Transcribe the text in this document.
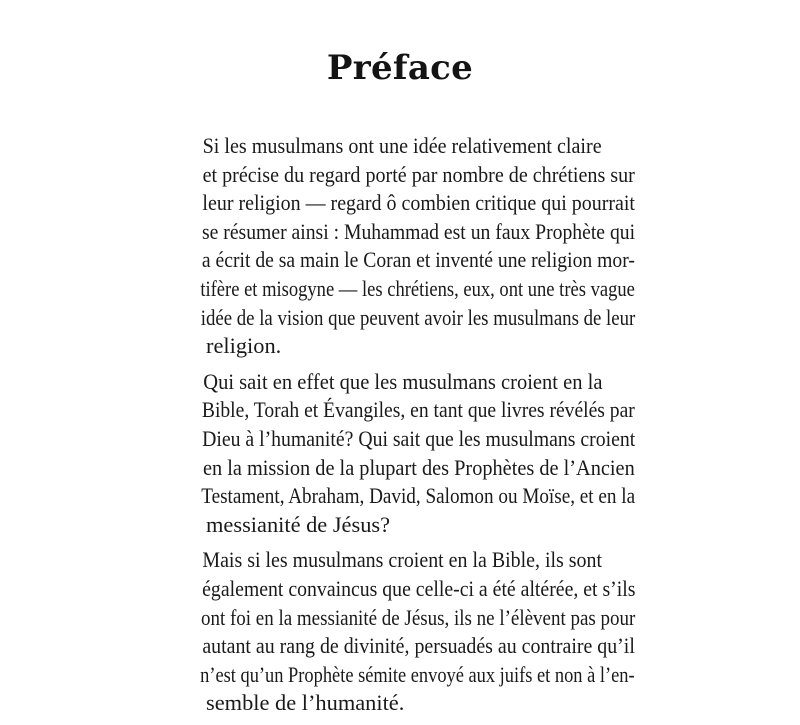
Préface

Si les musulmans ont une idée relativement claire
et précise du regard porté par nombre de chrétiens sur
leur religion — regard ô combien critique qui pourrait
se résumer ainsi : Muhammad est un faux Prophète qui
a écrit de sa main le Coran et inventé une religion mor-
tifère et misogyne — les chrétiens, eux, ont une très vague
idée de la vision que peuvent avoir les musulmans de leur
religion.

Qui sait en effet que les musulmans croient en la
Bible, Torah et Évangiles, en tant que livres révélés par
Dieu à l’humanité? Qui sait que les musulmans croient
en la mission de la plupart des Prophètes de l’Ancien
Testament, Abraham, David, Salomon ou Moïse, et en la
messianité de Jésus?

Mais si les musulmans croient en la Bible, ils sont
également convaincus que celle-ci a été altérée, et s’ils
ont foi en la messianité de Jésus, ils ne l’élèvent pas pour
autant au rang de divinité, persuadés au contraire qu’il
n’est qu’un Prophète sémite envoyé aux juifs et non à l’en-
semble de l’humanité.
